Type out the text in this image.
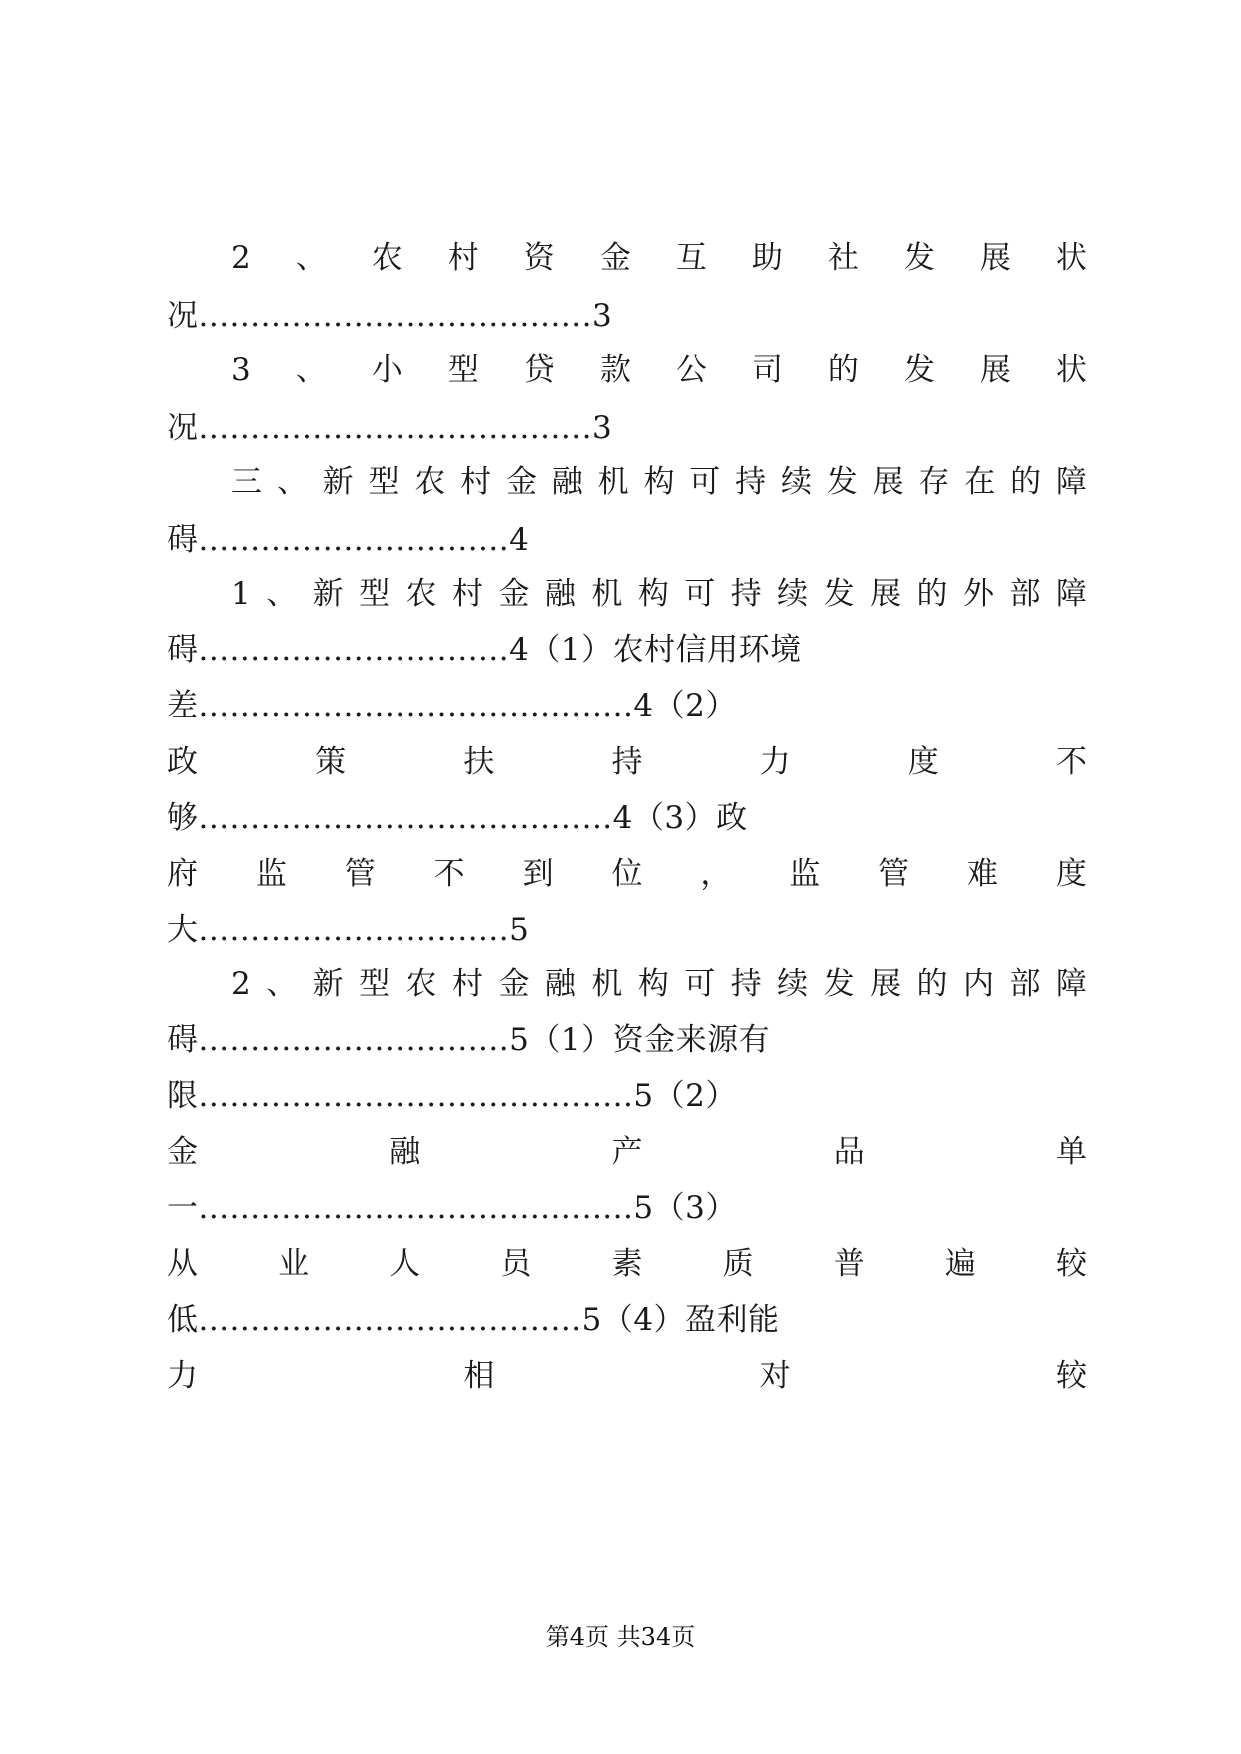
2 、 农 村 资 金 互 助 社 发 展 状
况......................................3
3 、 小 型 贷 款 公 司 的 发 展 状
况......................................3
三 、 新 型 农 村 金 融 机 构 可 持 续 发 展 存 在 的 障
碍..............................4
1 、 新 型 农 村 金 融 机 构 可 持 续 发 展 的 外 部 障
碍..............................4（1）农村信用环境
差..........................................4（2）
政	策	扶	持	力	度	不
够........................................4（3）政
府 监 管 不 到 位 ， 监 管 难 度
大..............................5
2 、 新 型 农 村 金 融 机 构 可 持 续 发 展 的 内 部 障
碍..............................5（1）资金来源有
限..........................................5（2）
金	融	产	品	单
一..........................................5（3）
从	业	人	员	素	质	普	遍	较
低.....................................5（4）盈利能
力	相	对	较
第4页 共34页
